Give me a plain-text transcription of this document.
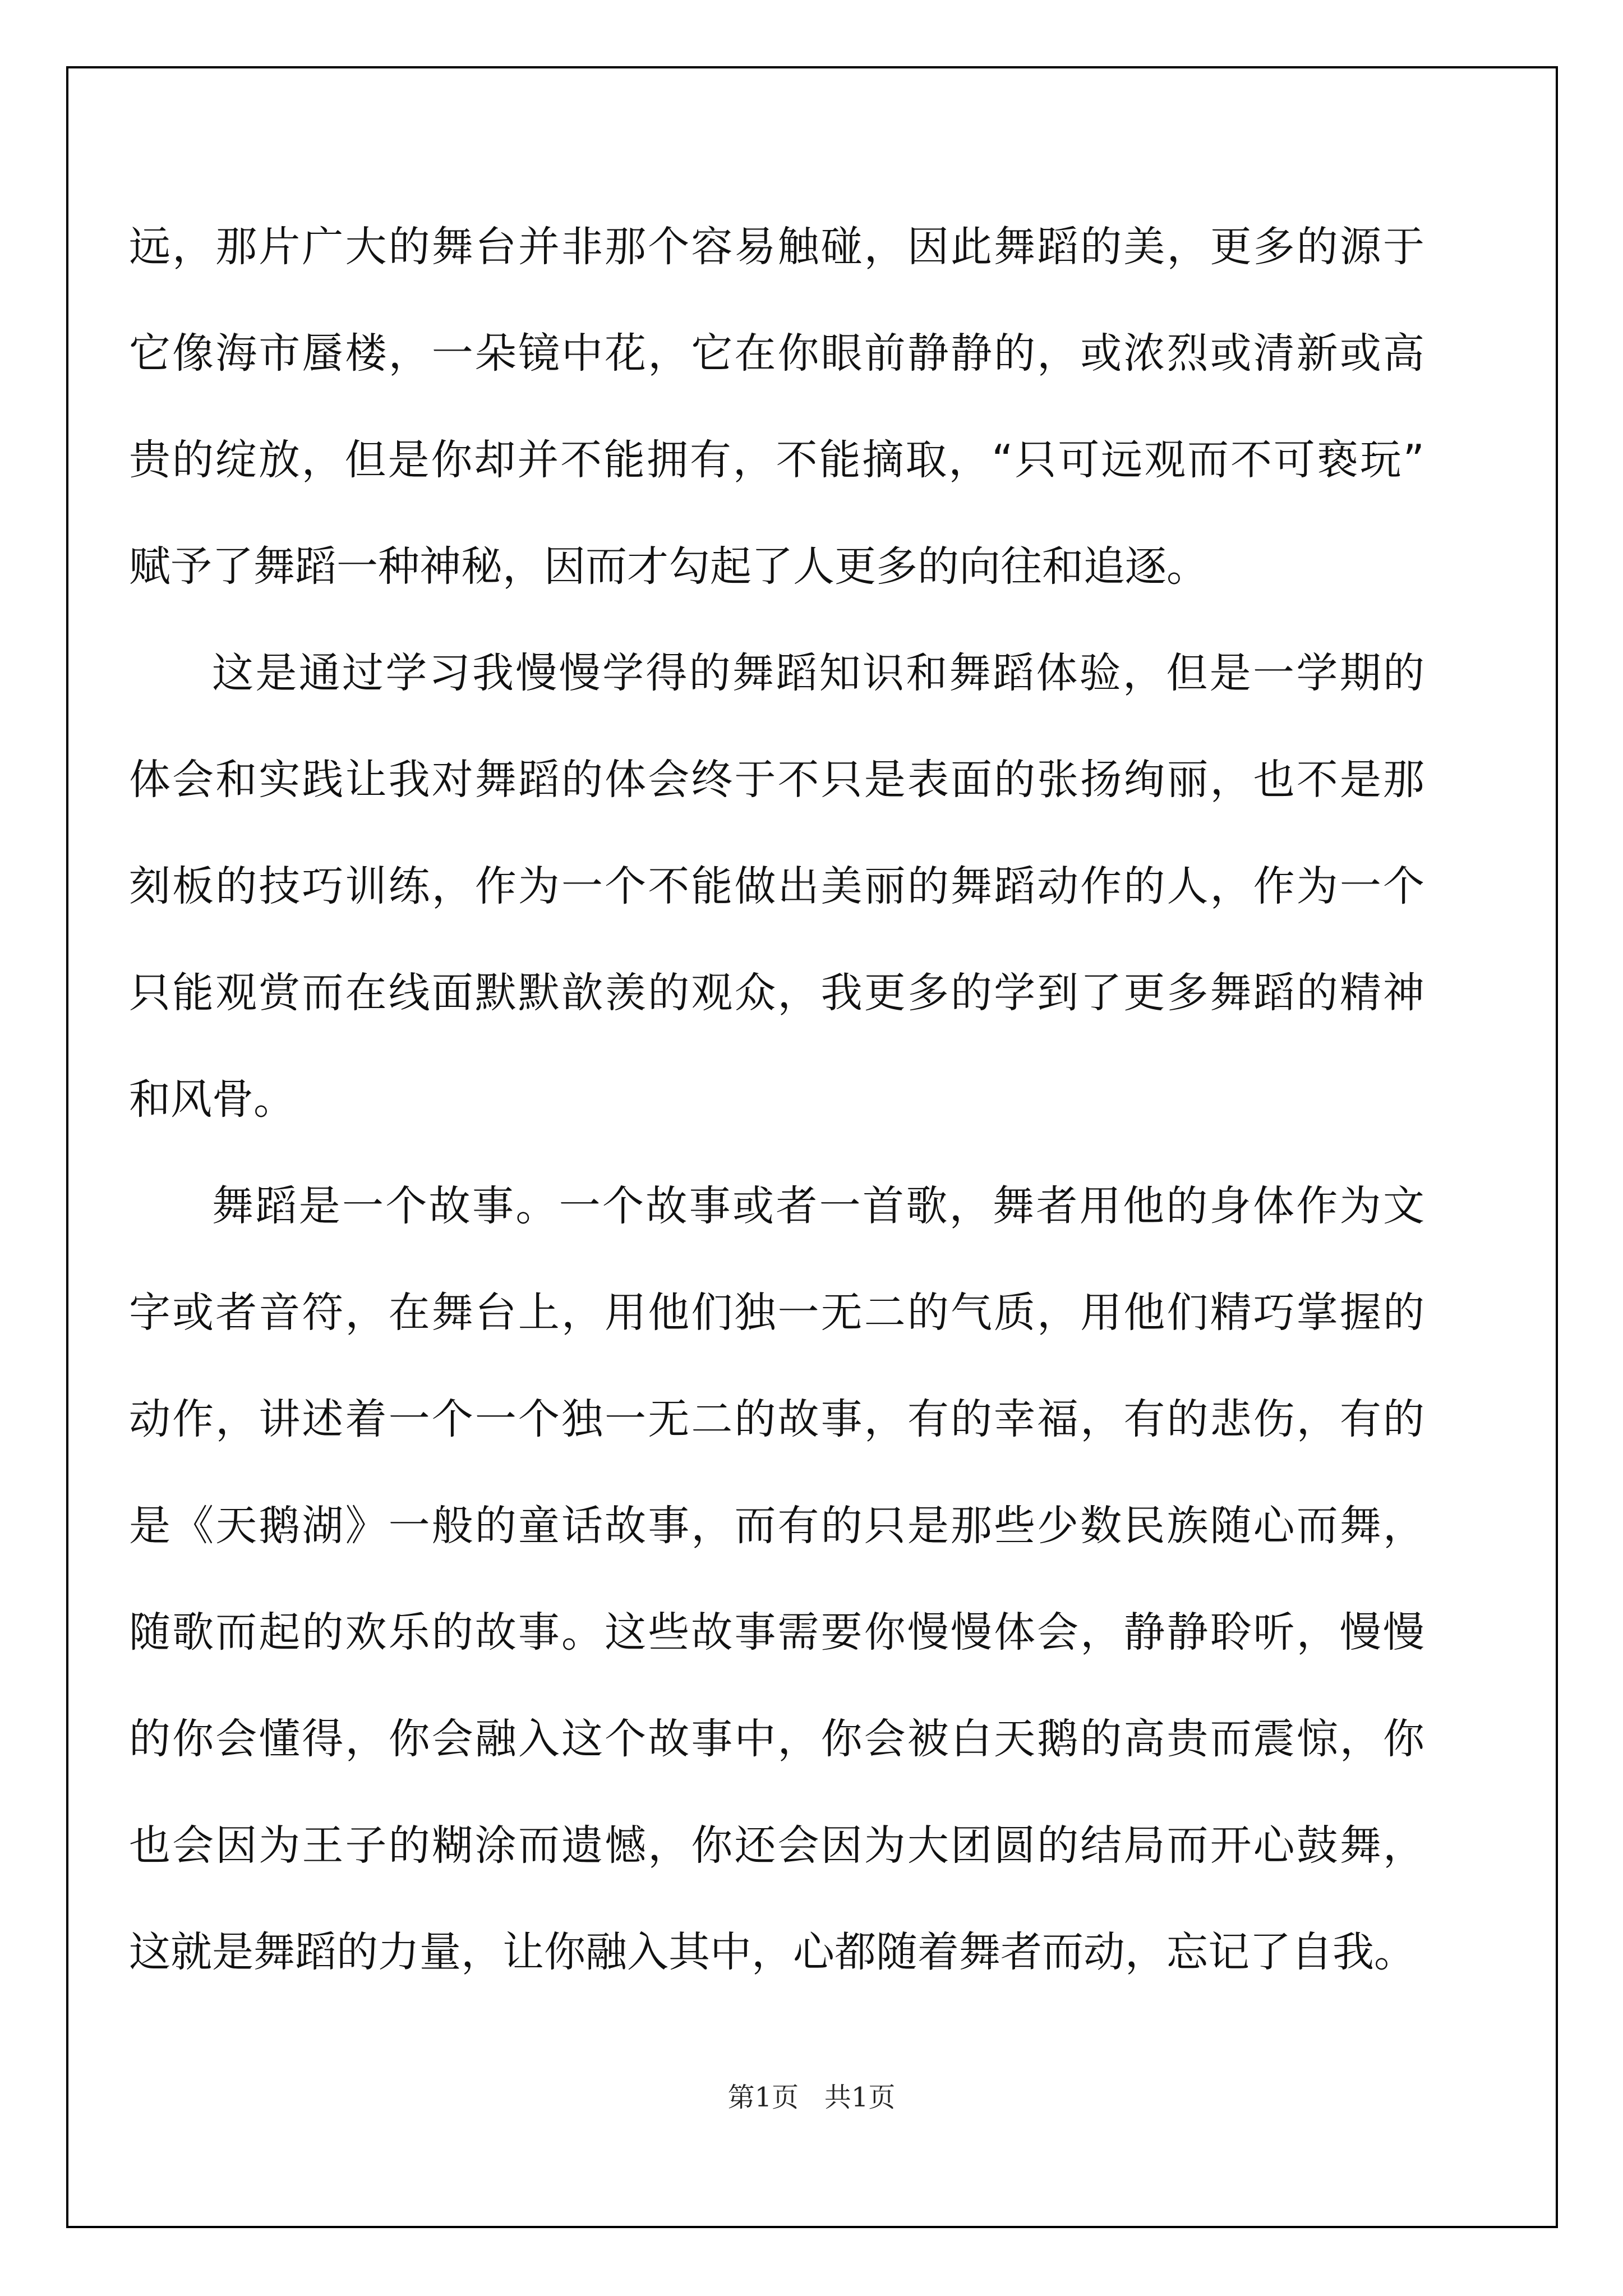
远，那片广大的舞台并非那个容易触碰，因此舞蹈的美，更多的源于
它像海市蜃楼，一朵镜中花，它在你眼前静静的，或浓烈或清新或高
贵的绽放，但是你却并不能拥有，不能摘取，“只可远观而不可亵玩”
赋予了舞蹈一种神秘，因而才勾起了人更多的向往和追逐。
这是通过学习我慢慢学得的舞蹈知识和舞蹈体验，但是一学期的
体会和实践让我对舞蹈的体会终于不只是表面的张扬绚丽，也不是那
刻板的技巧训练，作为一个不能做出美丽的舞蹈动作的人，作为一个
只能观赏而在线面默默歆羡的观众，我更多的学到了更多舞蹈的精神
和风骨。
舞蹈是一个故事。一个故事或者一首歌，舞者用他的身体作为文
字或者音符，在舞台上，用他们独一无二的气质，用他们精巧掌握的
动作，讲述着一个一个独一无二的故事，有的幸福，有的悲伤，有的
是《天鹅湖》一般的童话故事，而有的只是那些少数民族随心而舞，
随歌而起的欢乐的故事。这些故事需要你慢慢体会，静静聆听，慢慢
的你会懂得，你会融入这个故事中，你会被白天鹅的高贵而震惊，你
也会因为王子的糊涂而遗憾，你还会因为大团圆的结局而开心鼓舞，
这就是舞蹈的力量，让你融入其中，心都随着舞者而动，忘记了自我。
第1页   共1页
